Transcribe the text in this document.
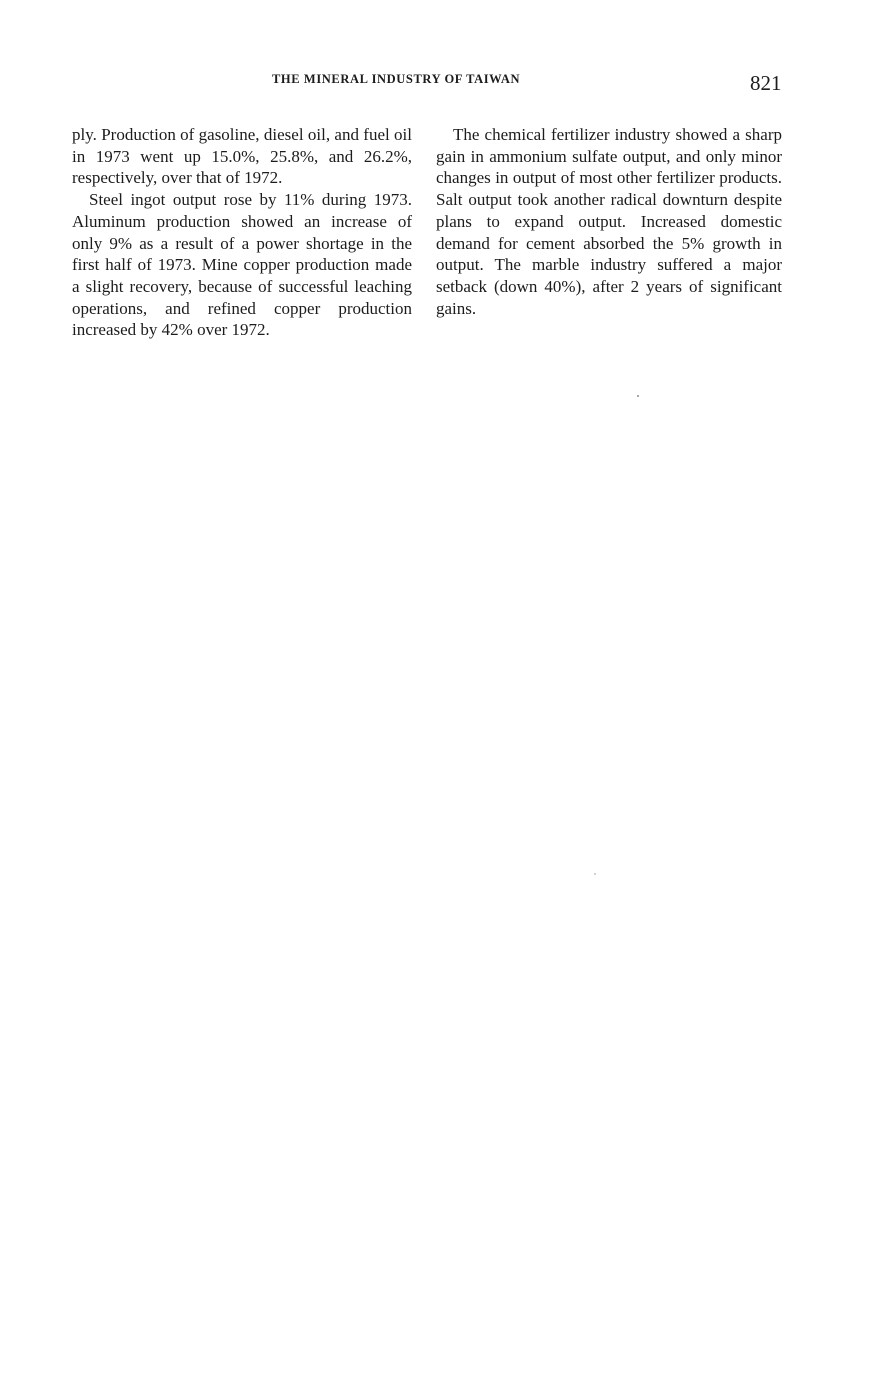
THE MINERAL INDUSTRY OF TAIWAN	821

ply. Production of gasoline, diesel oil, and fuel oil in 1973 went up 15.0%, 25.8%, and 26.2%, respectively, over that of 1972.

Steel ingot output rose by 11% during 1973. Aluminum production showed an increase of only 9% as a result of a power shortage in the first half of 1973. Mine copper production made a slight recovery, because of successful leaching operations, and refined copper production increased by 42% over 1972.

The chemical fertilizer industry showed a sharp gain in ammonium sulfate output, and only minor changes in output of most other fertilizer products. Salt output took another radical downturn despite plans to expand output. Increased domestic demand for cement absorbed the 5% growth in output. The marble industry suffered a major setback (down 40%), after 2 years of significant gains.
